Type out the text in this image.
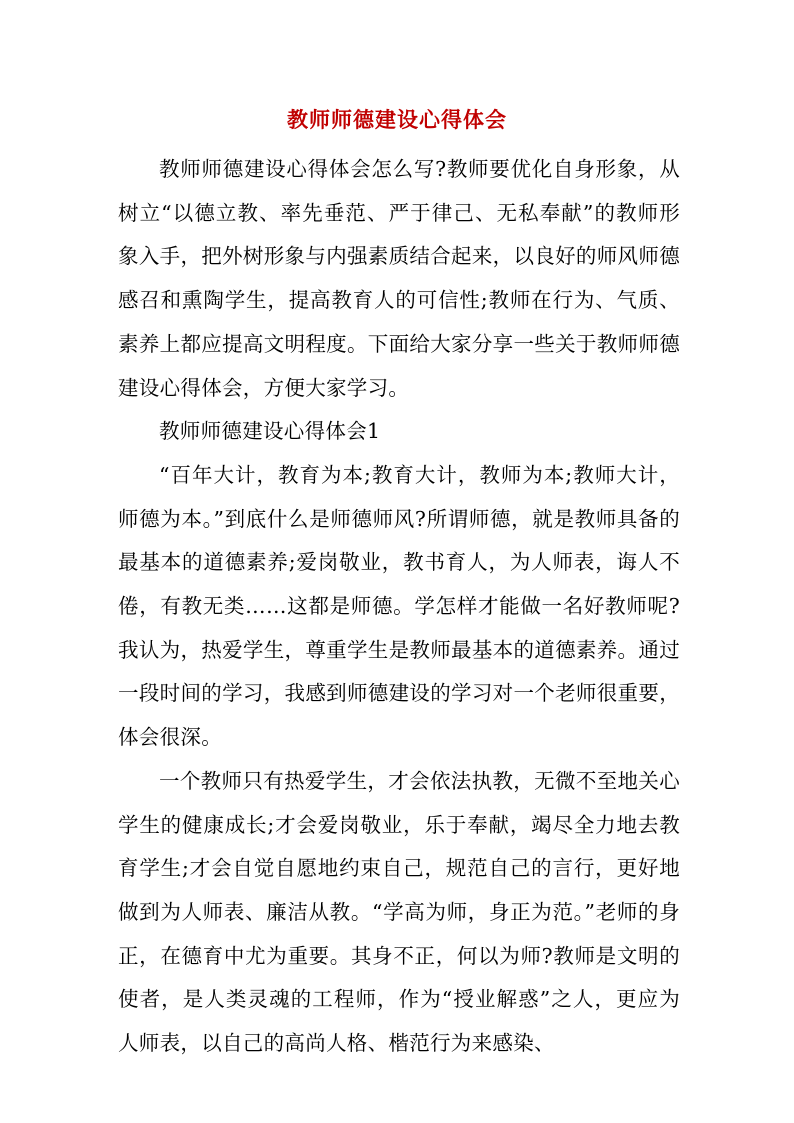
教师师德建设心得体会

教师师德建设心得体会怎么写?教师要优化自身形象，从树立“以德立教、率先垂范、严于律己、无私奉献”的教师形象入手，把外树形象与内强素质结合起来，以良好的师风师德感召和熏陶学生，提高教育人的可信性;教师在行为、气质、素养上都应提高文明程度。下面给大家分享一些关于教师师德建设心得体会，方便大家学习。

教师师德建设心得体会1

“百年大计，教育为本;教育大计，教师为本;教师大计，师德为本。”到底什么是师德师风?所谓师德，就是教师具备的最基本的道德素养;爱岗敬业，教书育人，为人师表，诲人不倦，有教无类……这都是师德。学怎样才能做一名好教师呢?我认为，热爱学生，尊重学生是教师最基本的道德素养。通过一段时间的学习，我感到师德建设的学习对一个老师很重要，体会很深。

一个教师只有热爱学生，才会依法执教，无微不至地关心学生的健康成长;才会爱岗敬业，乐于奉献，竭尽全力地去教育学生;才会自觉自愿地约束自己，规范自己的言行，更好地做到为人师表、廉洁从教。“学高为师，身正为范。”老师的身正，在德育中尤为重要。其身不正，何以为师?教师是文明的使者，是人类灵魂的工程师，作为“授业解惑”之人，更应为人师表，以自己的高尚人格、楷范行为来感染、
